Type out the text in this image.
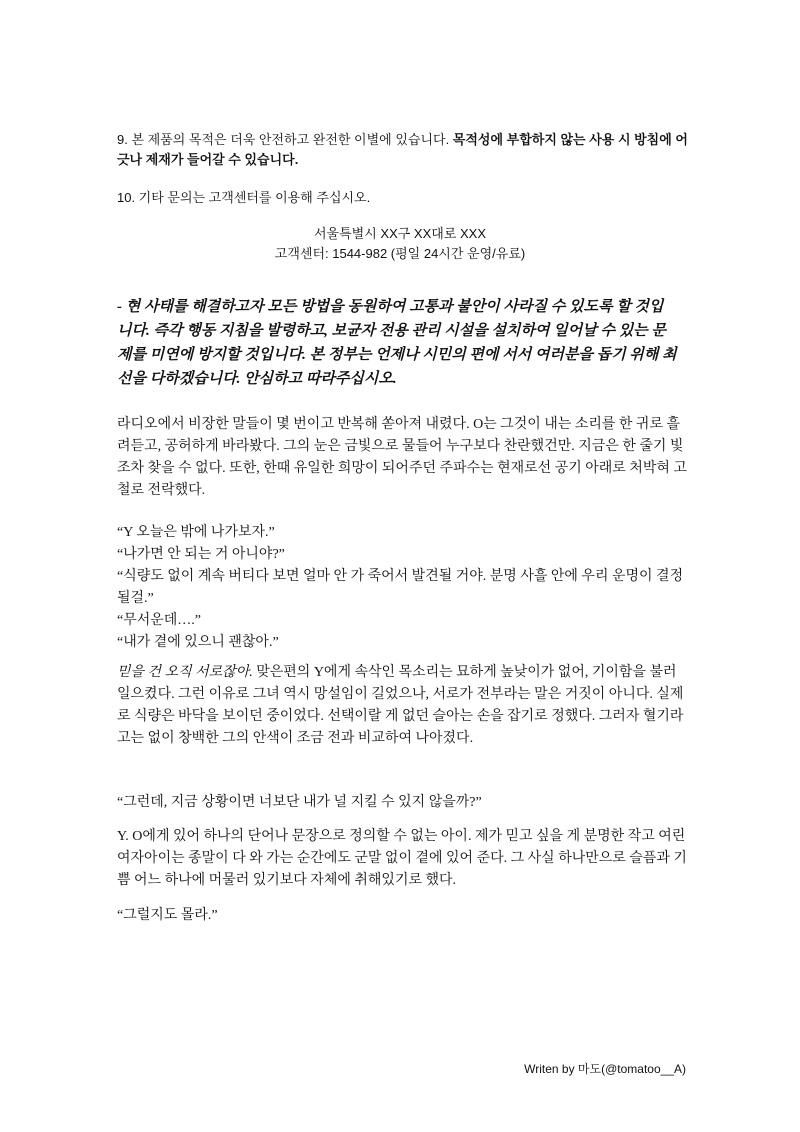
9. 본 제품의 목적은 더욱 안전하고 완전한 이별에 있습니다. 목적성에 부합하지 않는 사용 시 방침에 어긋나 제재가 들어갈 수 있습니다.

10. 기타 문의는 고객센터를 이용해 주십시오.

서울특별시 XX구 XX대로 XXX
고객센터: 1544-982 (평일 24시간 운영/유료)

- 현 사태를 해결하고자 모든 방법을 동원하여 고통과 불안이 사라질 수 있도록 할 것입니다. 즉각 행동 지침을 발령하고, 보균자 전용 관리 시설을 설치하여 일어날 수 있는 문제를 미연에 방지할 것입니다. 본 정부는 언제나 시민의 편에 서서 여러분을 돕기 위해 최선을 다하겠습니다. 안심하고 따라주십시오.

라디오에서 비장한 말들이 몇 번이고 반복해 쏟아져 내렸다. O는 그것이 내는 소리를 한 귀로 흘려듣고, 공허하게 바라봤다. 그의 눈은 금빛으로 물들어 누구보다 찬란했건만. 지금은 한 줄기 빛조차 찾을 수 없다. 또한, 한때 유일한 희망이 되어주던 주파수는 현재로선 공기 아래로 처박혀 고철로 전락했다.

“Y 오늘은 밖에 나가보자.”

“나가면 안 되는 거 아니야?”

“식량도 없이 계속 버티다 보면 얼마 안 가 죽어서 발견될 거야. 분명 사흘 안에 우리 운명이 결정될걸.”

“무서운데….”

“내가 곁에 있으니 괜찮아.”

믿을 건 오직 서로잖아. 맞은편의 Y에게 속삭인 목소리는 묘하게 높낮이가 없어, 기이함을 불러일으켰다. 그런 이유로 그녀 역시 망설임이 길었으나, 서로가 전부라는 말은 거짓이 아니다. 실제로 식량은 바닥을 보이던 중이었다. 선택이랄 게 없던 슬아는 손을 잡기로 정했다. 그러자 혈기라고는 없이 창백한 그의 안색이 조금 전과 비교하여 나아졌다.

“그런데, 지금 상황이면 너보단 내가 널 지킬 수 있지 않을까?”

Y. O에게 있어 하나의 단어나 문장으로 정의할 수 없는 아이. 제가 믿고 싶을 게 분명한 작고 여린 여자아이는 종말이 다 와 가는 순간에도 군말 없이 곁에 있어 준다. 그 사실 하나만으로 슬픔과 기쁨 어느 하나에 머물러 있기보다 자체에 취해있기로 했다.

“그럴지도 몰라.”

Writen by 마도(@tomatoo__A)
